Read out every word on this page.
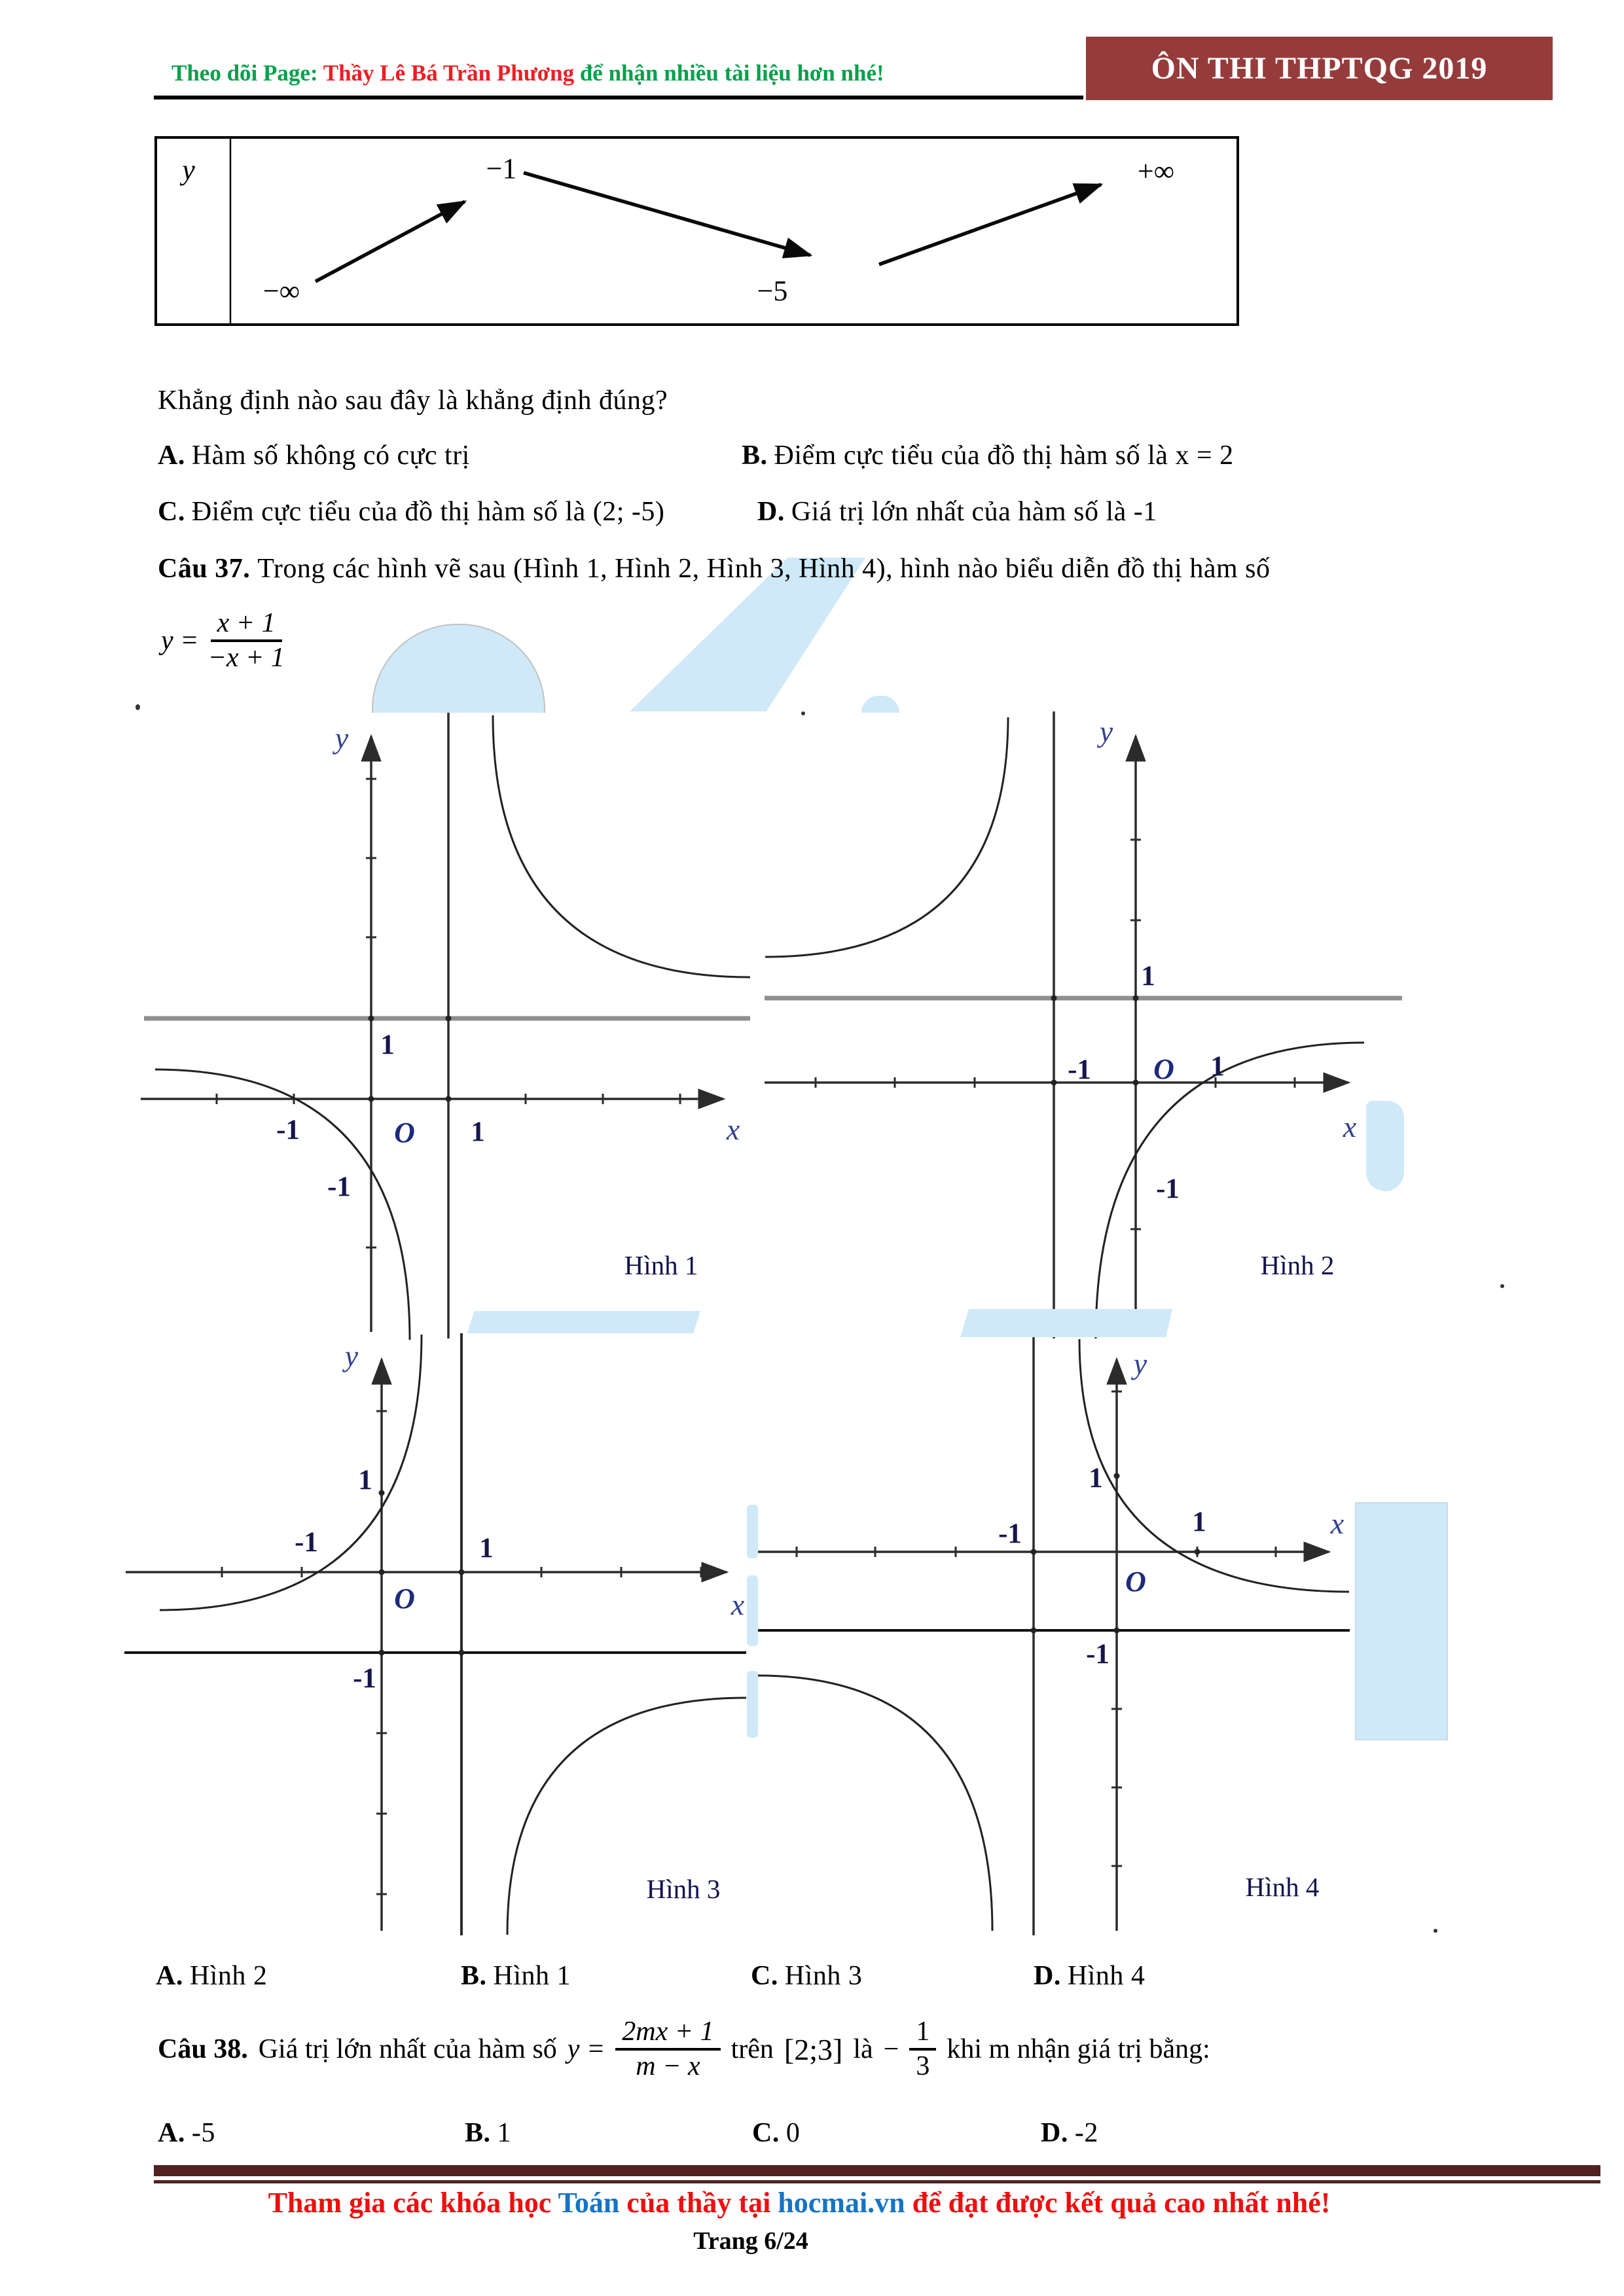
Theo dõi Page: Thầy Lê Bá Trần Phương để nhận nhiều tài liệu hơn nhé!	ÔN THI THPTQG 2019
y
−∞
−1
−5
+∞
Khẳng định nào sau đây là khẳng định đúng?
A. Hàm số không có cực trị	B. Điểm cực tiểu của đồ thị hàm số là x = 2
C. Điểm cực tiểu của đồ thị hàm số là (2; -5)	D. Giá trị lớn nhất của hàm số là -1
Câu 37. Trong các hình vẽ sau (Hình 1, Hình 2, Hình 3, Hình 4), hình nào biểu diễn đồ thị hàm số
$y = \frac{x + 1}{-x + 1}$
y
x
O
1
-1	1
-1
Hình 1
y
x
O
1
-1	1
-1
Hình 2
y
x
O
1
-1	1
-1
Hình 3
y
x
O
1
-1	1
-1
Hình 4
A. Hình 2	B. Hình 1	C. Hình 3	D. Hình 4
Câu 38. Giá trị lớn nhất của hàm số $y = \frac{2mx + 1}{m - x}$ trên [2;3] là − $\frac{1}{3}$ khi m nhận giá trị bằng:
A. -5	B. 1	C. 0	D. -2
Tham gia các khóa học Toán của thầy tại hocmai.vn để đạt được kết quả cao nhất nhé!
Trang 6/24
